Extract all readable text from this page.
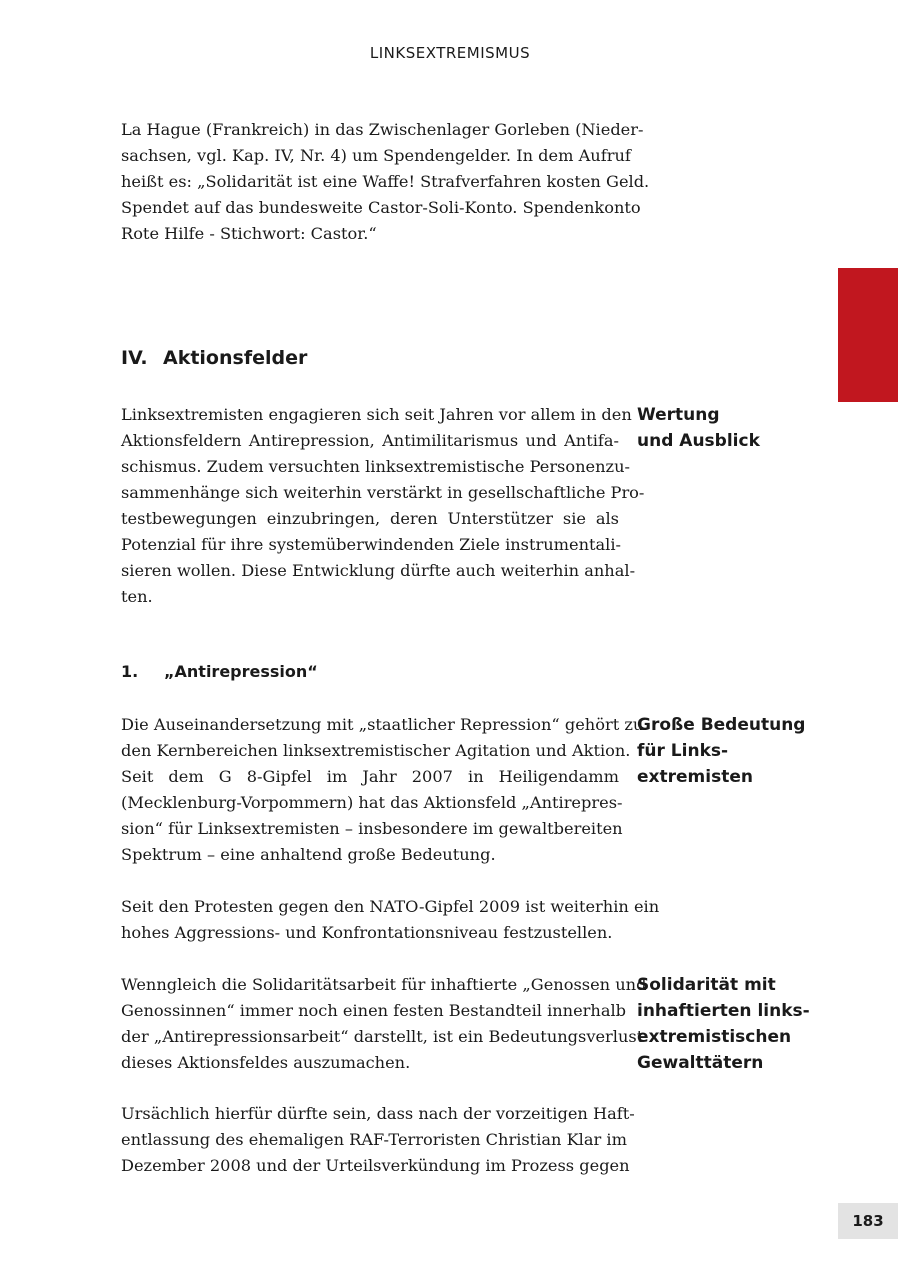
LINKSEXTREMISMUS

La Hague (Frankreich) in das Zwischenlager Gorleben (Nieder-
sachsen, vgl. Kap. IV, Nr. 4) um Spendengelder. In dem Aufruf
heißt es: „Solidarität ist eine Waffe! Strafverfahren kosten Geld.
Spendet auf das bundesweite Castor-Soli-Konto. Spendenkonto
Rote Hilfe - Stichwort: Castor.“

IV. Aktionsfelder

Linksextremisten engagieren sich seit Jahren vor allem in den
Aktionsfeldern Antirepression, Antimilitarismus und Antifa-
schismus. Zudem versuchten linksextremistische Personenzu-
sammenhänge sich weiterhin verstärkt in gesellschaftliche Pro-
testbewegungen einzubringen, deren Unterstützer sie als
Potenzial für ihre systemüberwindenden Ziele instrumentali-
sieren wollen. Diese Entwicklung dürfte auch weiterhin anhal-
ten.

Wertung
und Ausblick

1. „Antirepression“

Die Auseinandersetzung mit „staatlicher Repression“ gehört zu
den Kernbereichen linksextremistischer Agitation und Aktion.
Seit dem G 8-Gipfel im Jahr 2007 in Heiligendamm
(Mecklenburg-Vorpommern) hat das Aktionsfeld „Antirepres-
sion“ für Linksextremisten – insbesondere im gewaltbereiten
Spektrum – eine anhaltend große Bedeutung.

Große Bedeutung
für Links-
extremisten

Seit den Protesten gegen den NATO-Gipfel 2009 ist weiterhin ein
hohes Aggressions- und Konfrontationsniveau festzustellen.

Wenngleich die Solidaritätsarbeit für inhaftierte „Genossen und
Genossinnen“ immer noch einen festen Bestandteil innerhalb
der „Antirepressionsarbeit“ darstellt, ist ein Bedeutungsverlust
dieses Aktionsfeldes auszumachen.

Solidarität mit
inhaftierten links-
extremistischen
Gewalttätern

Ursächlich hierfür dürfte sein, dass nach der vorzeitigen Haft-
entlassung des ehemaligen RAF-Terroristen Christian Klar im
Dezember 2008 und der Urteilsverkündung im Prozess gegen

183
